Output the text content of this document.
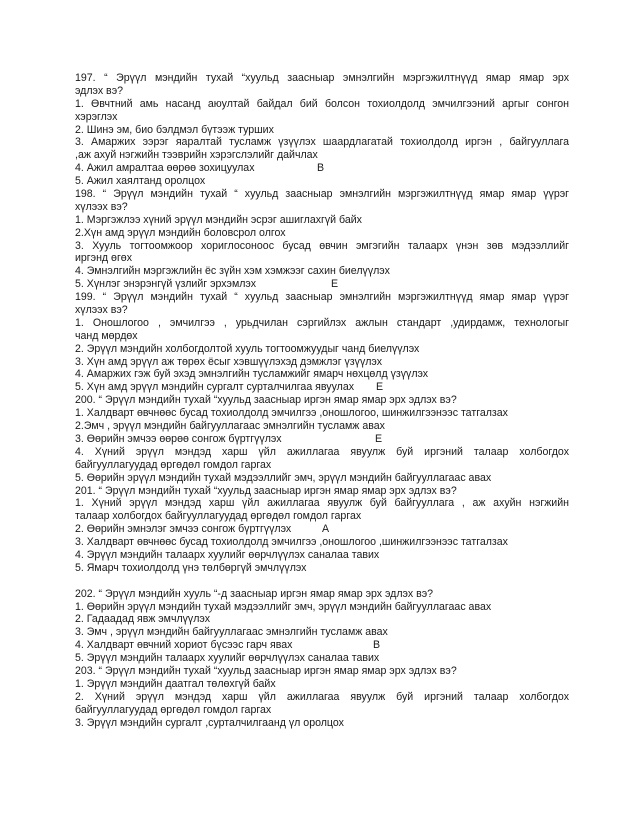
197. “ Эрүүл мэндийн тухай “хуульд заасныар эмнэлгийн мэргэжилтнүүд ямар ямар эрх
эдлэх вэ?
1. Өвчтний амь насанд аюултай байдал бий болсон тохиолдолд эмчилгээний аргыг сонгон
хэрэглэх
2. Шинэ эм, био бэлдмэл бүтээж турших
3. Амаржих ээрэг яаралтай тусламж үзүүлэх шаардлагатай тохиолдолд иргэн , байгууллага
,аж ахуй нэгжийн тээврийн хэрэгслэлийг дайчлах
4. Ажил амралтаа өөрөө зохицуулах	В
5. Ажил хаялтанд оролцох
198. “ Эрүүл мэндийн тухай “ хуульд заасныар эмнэлгийн мэргэжилтнүүд ямар ямар үүрэг
хүлээх вэ?
1. Мэргэжлээ хүний эрүүл мэндийн эсрэг ашиглахгүй байх
2.Хүн амд эрүүл мэндийн боловсрол олгох
3. Хууль тогтоомжоор хориглосоноос бусад өвчин эмгэгийн талаарх үнэн зөв мэдээллийг
иргэнд өгөх
4. Эмнэлгийн мэргэжлийн ёс зүйн хэм хэмжээг сахин биелүүлэх
5. Хүнлэг энэрэнгүй үзлийг эрхэмлэх	Е
199. “ Эрүүл мэндийн тухай “ хуульд заасныар эмнэлгийн мэргэжилтнүүд ямар ямар үүрэг
хүлээх вэ?
1. Оношлогоо , эмчилгээ , урьдчилан сэргийлэх ажлын стандарт ,удирдамж, технологыг
чанд мөрдөх
2. Эрүүл мэндийн холбогдолтой хууль тогтоомжуудыг чанд биелүүлэх
3. Хүн амд эрүүл аж төрөх ёсыг хэвшүүлэхэд дэмжлэг үзүүлэх
4. Амаржих гэж буй эхэд эмнэлгийн тусламжийг ямарч нөхцөлд үзүүлэх
5. Хүн амд эрүүл мэндийн сургалт сурталчилгаа явуулах Е
200. “ Эрүүл мэндийн тухай “хуульд заасныар иргэн ямар ямар эрх эдлэх вэ?
1. Халдварт өвчнөөс бусад тохиолдолд эмчилгээ ,оношлогоо, шинжилгээнээс татгалзах
2.Эмч , эрүүл мэндийн байгууллагаас эмнэлгийн тусламж авах
3. Өөрийн эмчээ өөрөө сонгож бүртгүүлэх	Е
4. Хүний эрүүл мэндэд харш үйл ажиллагаа явуулж буй иргэний талаар холбогдох
байгууллагуудад өргөдөл гомдол гаргах
5. Өөрийн эрүүл мэндийн тухай мэдээллийг эмч, эрүүл мэндийн байгууллагаас авах
201. “ Эрүүл мэндийн тухай “хуульд заасныар иргэн ямар ямар эрх эдлэх вэ?
1. Хүний эрүүл мэндэд харш үйл ажиллагаа явуулж буй байгууллага , аж ахуйн нэгжийн
талаар холбогдох байгууллагуудад өргөдөл гомдол гаргах
2. Өөрийн эмнэлэг эмчээ сонгож бүртгүүлэх	А
3. Халдварт өвчнөөс бусад тохиолдолд эмчилгээ ,оношлогоо ,шинжилгээнээс татгалзах
4. Эрүүл мэндийн талаарх хуулийг өөрчлүүлэх саналаа тавих
5. Ямарч тохиолдолд үнэ төлбөргүй эмчлүүлэх
202. “ Эрүүл мэндийн хууль “-д заасныар иргэн ямар ямар эрх эдлэх вэ?
1. Өөрийн эрүүл мэндийн тухай мэдээллийг эмч, эрүүл мэндийн байгууллагаас авах
2. Гадаадад явж эмчлүүлэх
3. Эмч , эрүүл мэндийн байгууллагаас эмнэлгийн тусламж авах
4. Халдварт өвчний хориот бүсээс гарч явах	В
5. Эрүүл мэндийн талаарх хуулийг өөрчлүүлэх саналаа тавих
203. “ Эрүүл мэндийн тухай “хуульд заасныар иргэн ямар ямар эрх эдлэх вэ?
1. Эрүүл мэндийн даатгал төлөхгүй байх
2. Хүний эрүүл мэндэд харш үйл ажиллагаа явуулж буй иргэний талаар холбогдох
байгууллагуудад өргөдөл гомдол гаргах
3. Эрүүл мэндийн сургалт ,сурталчилгаанд үл оролцох
